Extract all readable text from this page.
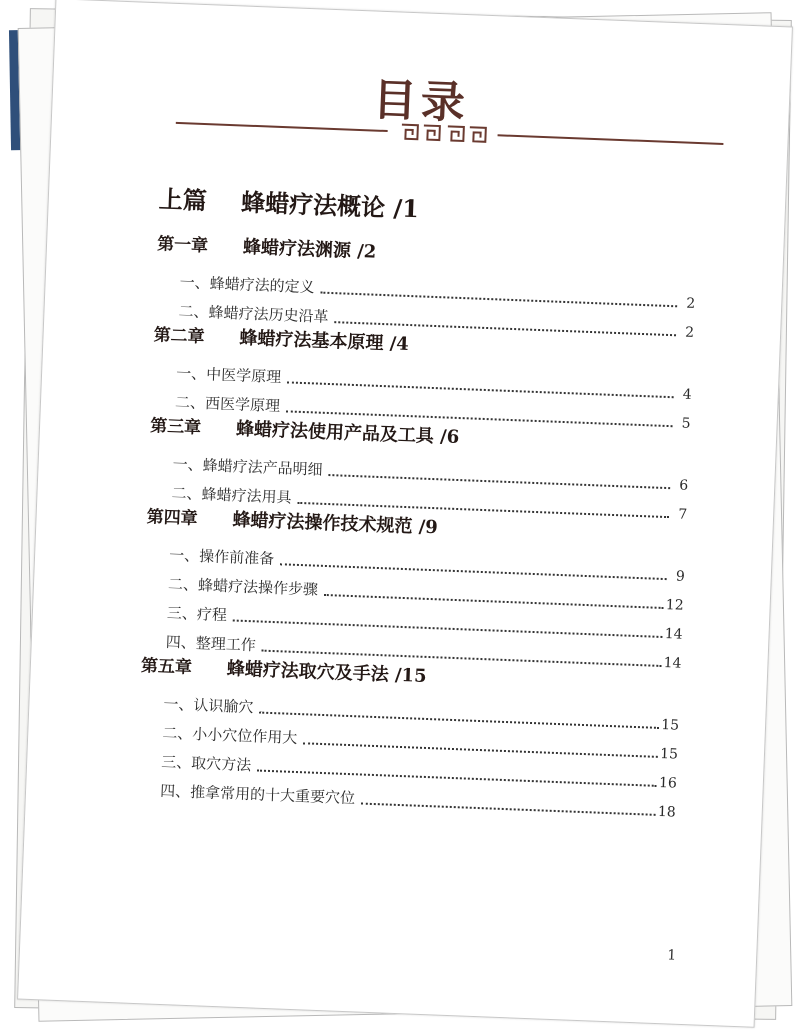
目录
上篇 蜂蜡疗法概论 /1
第一章 蜂蜡疗法渊源 /2
一、蜂蜡疗法的定义
2
二、蜂蜡疗法历史沿革
2
第二章 蜂蜡疗法基本原理 /4
一、中医学原理
4
二、西医学原理
5
第三章 蜂蜡疗法使用产品及工具 /6
一、蜂蜡疗法产品明细
6
二、蜂蜡疗法用具
7
第四章 蜂蜡疗法操作技术规范 /9
一、操作前准备
9
二、蜂蜡疗法操作步骤
12
三、疗程
14
四、整理工作
14
第五章 蜂蜡疗法取穴及手法 /15
一、认识腧穴
15
二、小小穴位作用大
15
三、取穴方法
16
四、推拿常用的十大重要穴位
18
1
